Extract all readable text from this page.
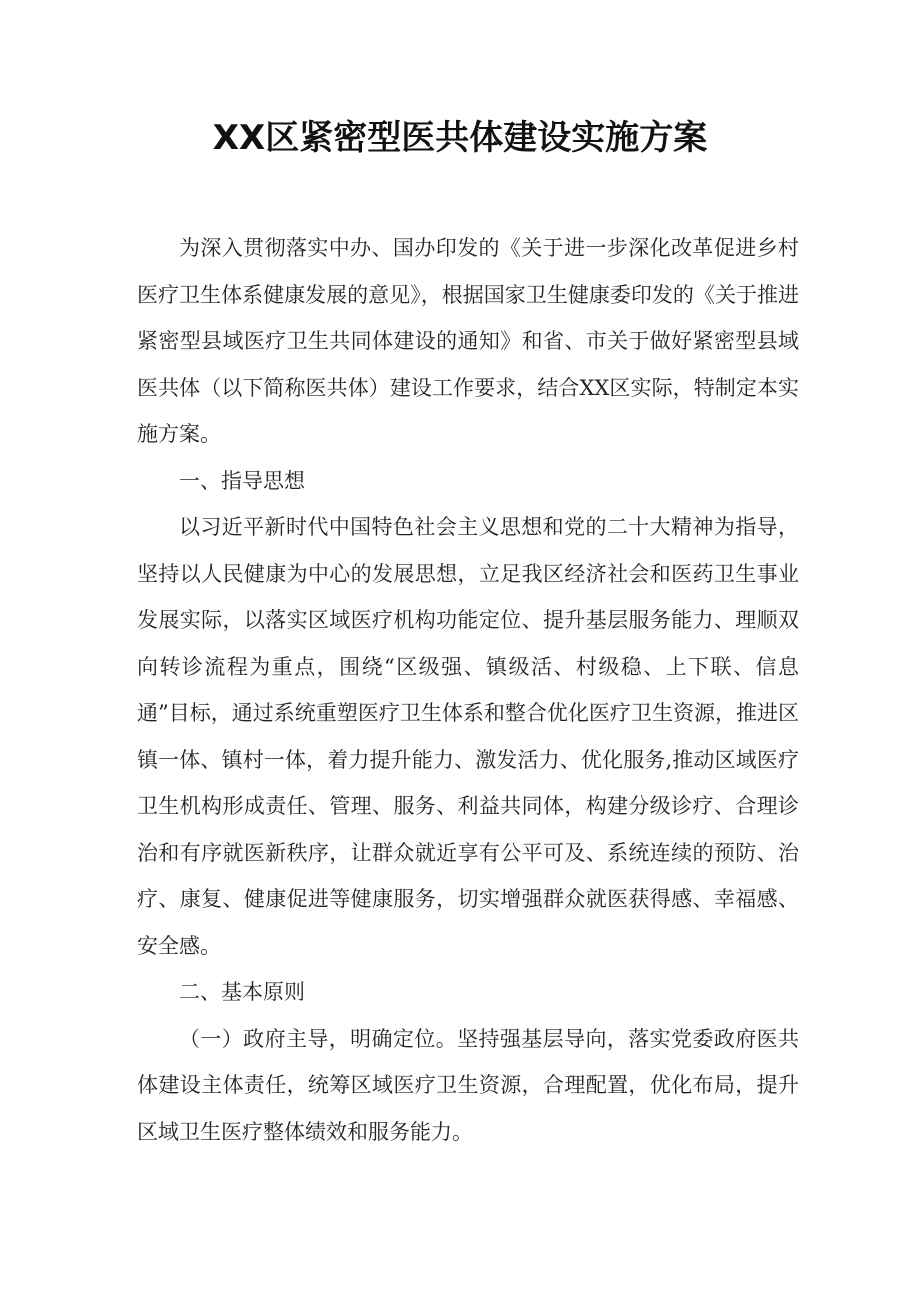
XX区紧密型医共体建设实施方案

为深入贯彻落实中办、国办印发的《关于进一步深化改革促进乡村医疗卫生体系健康发展的意见》，根据国家卫生健康委印发的《关于推进紧密型县域医疗卫生共同体建设的通知》和省、市关于做好紧密型县域医共体（以下简称医共体）建设工作要求，结合XX区实际，特制定本实施方案。

一、指导思想

以习近平新时代中国特色社会主义思想和党的二十大精神为指导，坚持以人民健康为中心的发展思想，立足我区经济社会和医药卫生事业发展实际，以落实区域医疗机构功能定位、提升基层服务能力、理顺双向转诊流程为重点，围绕“区级强、镇级活、村级稳、上下联、信息通”目标，通过系统重塑医疗卫生体系和整合优化医疗卫生资源，推进区镇一体、镇村一体，着力提升能力、激发活力、优化服务,推动区域医疗卫生机构形成责任、管理、服务、利益共同体，构建分级诊疗、合理诊治和有序就医新秩序，让群众就近享有公平可及、系统连续的预防、治疗、康复、健康促进等健康服务，切实增强群众就医获得感、幸福感、安全感。

二、基本原则

（一）政府主导，明确定位。坚持强基层导向，落实党委政府医共体建设主体责任，统筹区域医疗卫生资源，合理配置，优化布局，提升区域卫生医疗整体绩效和服务能力。
